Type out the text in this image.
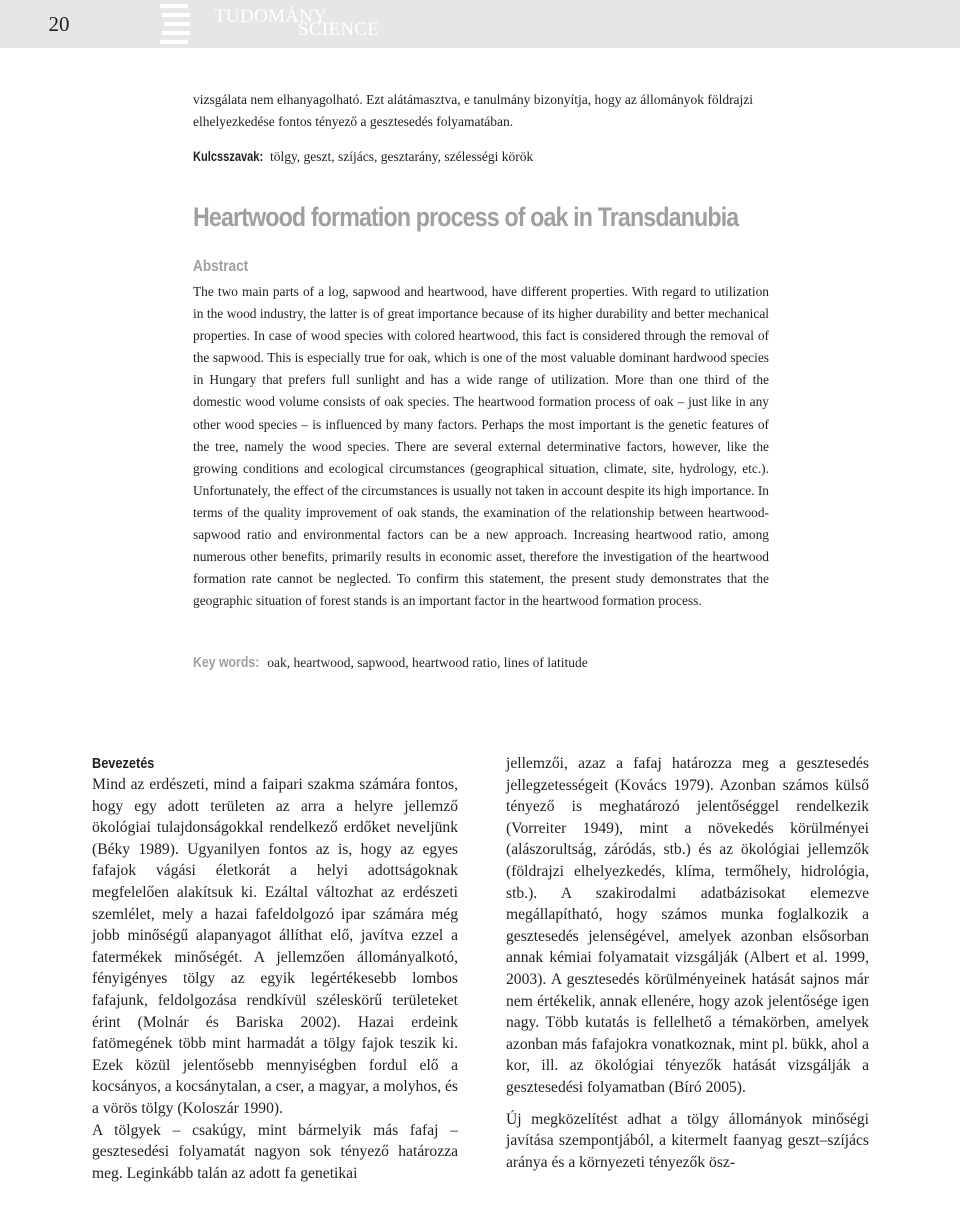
20	TUDOMÁNY
SCIENCE
vizsgálata nem elhanyagolható. Ezt alátámasztva, e tanulmány bizonyítja, hogy az állományok földrajzi elhelyezkedése fontos tényező a gesztesedés folyamatában.
Kulcsszavak: tölgy, geszt, szíjács, gesztarány, szélességi körök
Heartwood formation process of oak in Transdanubia
Abstract
The two main parts of a log, sapwood and heartwood, have different properties. With regard to utilization in the wood industry, the latter is of great importance because of its higher durability and better mechanical properties. In case of wood species with colored heartwood, this fact is considered through the removal of the sapwood. This is especially true for oak, which is one of the most valuable dominant hardwood species in Hungary that prefers full sunlight and has a wide range of utilization. More than one third of the domestic wood volume consists of oak species. The heartwood formation process of oak – just like in any other wood species – is influenced by many factors. Perhaps the most important is the genetic features of the tree, namely the wood species. There are several external determinative factors, however, like the growing conditions and ecological circumstances (geographical situation, climate, site, hydrology, etc.). Unfortunately, the effect of the circumstances is usually not taken in account despite its high importance. In terms of the quality improvement of oak stands, the examination of the relationship between heartwood-sapwood ratio and environmental factors can be a new approach. Increasing heartwood ratio, among numerous other benefits, primarily results in economic asset, therefore the investigation of the heartwood formation rate cannot be neglected. To confirm this statement, the present study demonstrates that the geographic situation of forest stands is an important factor in the heartwood formation process.
Key words: oak, heartwood, sapwood, heartwood ratio, lines of latitude
Bevezetés

Mind az erdészeti, mind a faipari szakma számára fontos, hogy egy adott területen az arra a helyre jellemző ökológiai tulajdonságokkal rendelkező erdőket neveljünk (Béky 1989). Ugyanilyen fontos az is, hogy az egyes fafajok vágási életkorát a helyi adottságoknak megfelelően alakítsuk ki. Ezáltal változhat az erdészeti szemlélet, mely a hazai fafeldolgozó ipar számára még jobb minőségű alapanyagot állíthat elő, javítva ezzel a fatermékek minőségét. A jellemzően állományalkotó, fényigényes tölgy az egyik legértékesebb lombos fafajunk, feldolgozása rendkívül széleskörű területeket érint (Molnár és Bariska 2002). Hazai erdeink fatömegének több mint harmadát a tölgy fajok teszik ki. Ezek közül jelentősebb mennyiségben fordul elő a kocsányos, a kocsánytalan, a cser, a magyar, a molyhos, és a vörös tölgy (Koloszár 1990).

A tölgyek – csakúgy, mint bármelyik más fafaj – gesztesedési folyamatát nagyon sok tényező határozza meg. Leginkább talán az adott fa genetikai

jellemzői, azaz a fafaj határozza meg a gesztesedés jellegzetességeit (Kovács 1979). Azonban számos külső tényező is meghatározó jelentőséggel rendelkezik (Vorreiter 1949), mint a növekedés körülményei (alászorultság, záródás, stb.) és az ökológiai jellemzők (földrajzi elhelyezkedés, klíma, termőhely, hidrológia, stb.). A szakirodalmi adatbázisokat elemezve megállapítható, hogy számos munka foglalkozik a gesztesedés jelenségével, amelyek azonban elsősorban annak kémiai folyamatait vizsgálják (Albert et al. 1999, 2003). A gesztesedés körülményeinek hatását sajnos már nem értékelik, annak ellenére, hogy azok jelentősége igen nagy. Több kutatás is fellelhető a témakörben, amelyek azonban más fafajokra vonatkoznak, mint pl. bükk, ahol a kor, ill. az ökológiai tényezők hatását vizsgálják a gesztesedési folyamatban (Bíró 2005).

Új megközelítést adhat a tölgy állományok minőségi javítása szempontjából, a kitermelt faanyag geszt–szíjács aránya és a környezeti tényezők ösz-
